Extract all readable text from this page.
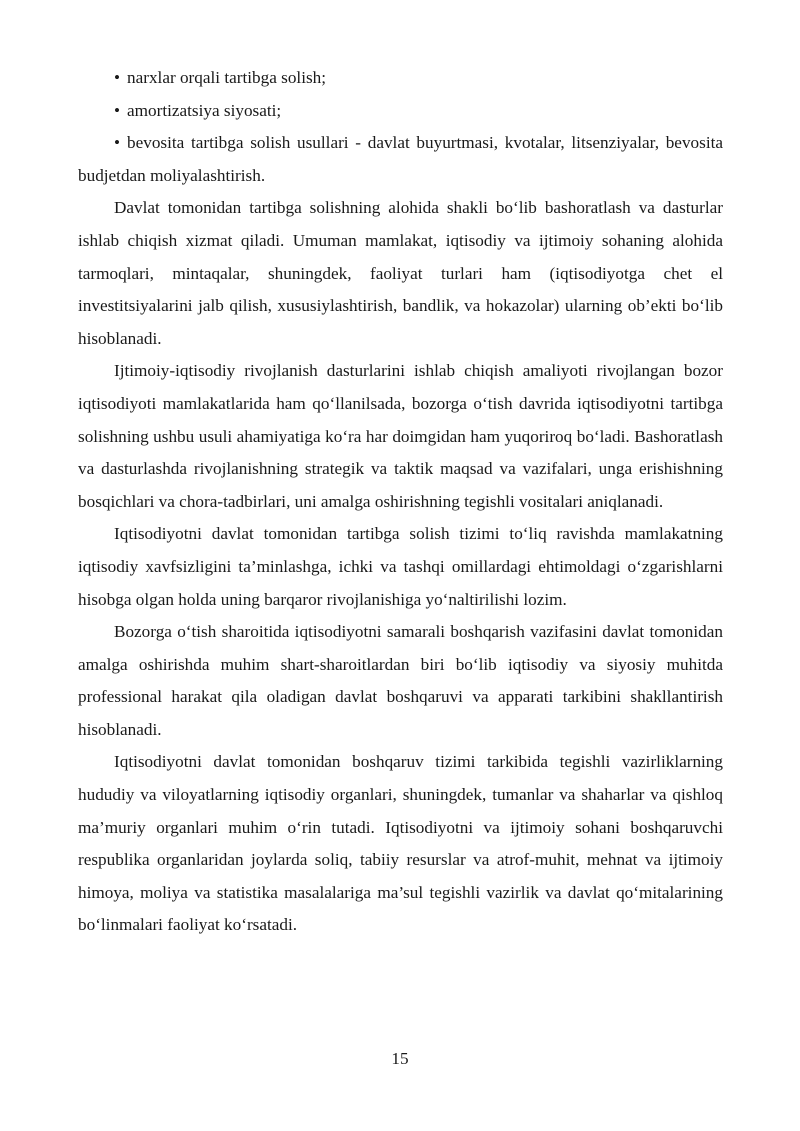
• narxlar orqali tartibga solish;

• amortizatsiya siyosati;

• bevosita tartibga solish usullari - davlat buyurtmasi, kvotalar, litsenziyalar, bevosita budjetdan moliyalashtirish.

Davlat tomonidan tartibga solishning alohida shakli bo‘lib bashoratlash va dasturlar ishlab chiqish xizmat qiladi. Umuman mamlakat, iqtisodiy va ijtimoiy sohaning alohida tarmoqlari, mintaqalar, shuningdek, faoliyat turlari ham (iqtisodiyotga chet el investitsiyalarini jalb qilish, xususiylashtirish, bandlik, va hokazolar) ularning ob’ekti bo‘lib hisoblanadi.

Ijtimoiy-iqtisodiy rivojlanish dasturlarini ishlab chiqish amaliyoti rivojlangan bozor iqtisodiyoti mamlakatlarida ham qo‘llanilsada, bozorga o‘tish davrida iqtisodiyotni tartibga solishning ushbu usuli ahamiyatiga ko‘ra har doimgidan ham yuqoriroq bo‘ladi. Bashoratlash va dasturlashda rivojlanishning strategik va taktik maqsad va vazifalari, unga erishishning bosqichlari va chora-tadbirlari, uni amalga oshirishning tegishli vositalari aniqlanadi.

Iqtisodiyotni davlat tomonidan tartibga solish tizimi to‘liq ravishda mamlakatning iqtisodiy xavfsizligini ta’minlashga, ichki va tashqi omillardagi ehtimoldagi o‘zgarishlarni hisobga olgan holda uning barqaror rivojlanishiga yo‘naltirilishi lozim.

Bozorga o‘tish sharoitida iqtisodiyotni samarali boshqarish vazifasini davlat tomonidan amalga oshirishda muhim shart-sharoitlardan biri bo‘lib iqtisodiy va siyosiy muhitda professional harakat qila oladigan davlat boshqaruvi va apparati tarkibini shakllantirish hisoblanadi.

Iqtisodiyotni davlat tomonidan boshqaruv tizimi tarkibida tegishli vazirliklarning hududiy va viloyatlarning iqtisodiy organlari, shuningdek, tumanlar va shaharlar va qishloq ma’muriy organlari muhim o‘rin tutadi. Iqtisodiyotni va ijtimoiy sohani boshqaruvchi respublika organlaridan joylarda soliq, tabiiy resurslar va atrof-muhit, mehnat va ijtimoiy himoya, moliya va statistika masalalariga ma’sul tegishli vazirlik va davlat qo‘mitalarining bo‘linmalari faoliyat ko‘rsatadi.

15
